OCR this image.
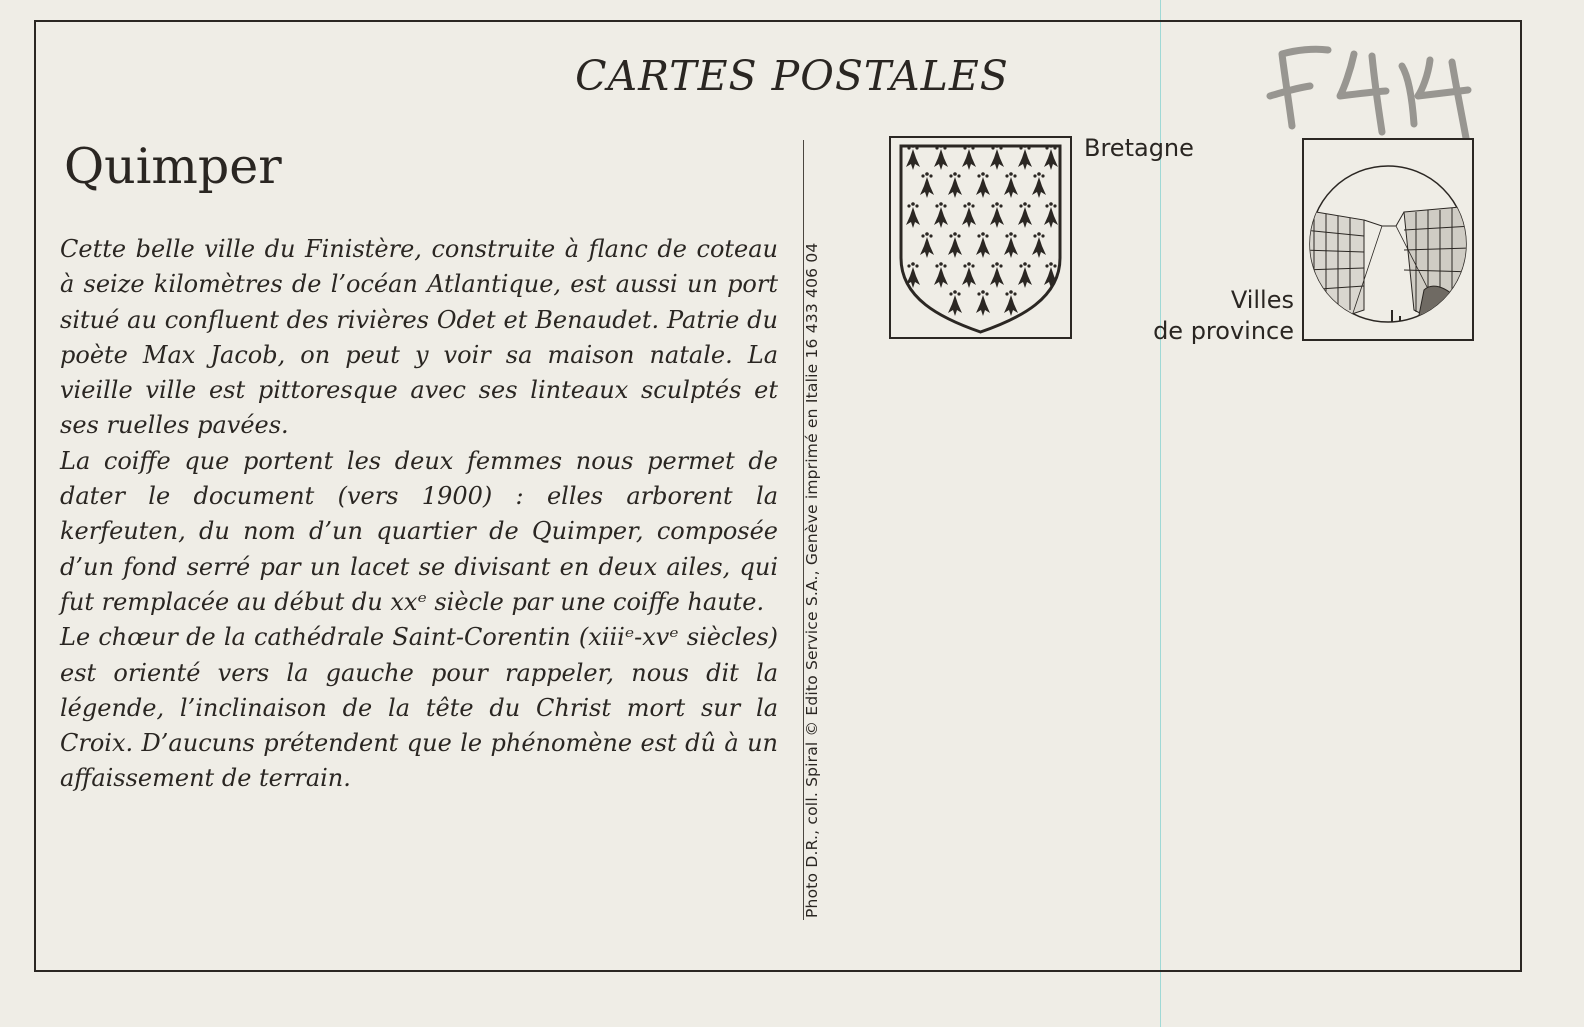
CARTES POSTALES
Quimper

Cette belle ville du Finistère, construite à flanc de coteau à seize kilomètres de l’océan Atlantique, est aussi un port situé au confluent des rivières Odet et Benaudet. Patrie du poète Max Jacob, on peut y voir sa maison natale. La vieille ville est pittoresque avec ses linteaux sculptés et ses ruelles pavées.

La coiffe que portent les deux femmes nous permet de dater le document (vers 1900) : elles arborent la kerfeuten, du nom d’un quartier de Quimper, composée d’un fond serré par un lacet se divisant en deux ailes, qui fut remplacée au début du xxᵉ siècle par une coiffe haute.

Le chœur de la cathédrale Saint-Corentin (xiiiᵉ-xvᵉ siècles) est orienté vers la gauche pour rappeler, nous dit la légende, l’inclinaison de la tête du Christ mort sur la Croix. D’aucuns prétendent que le phénomène est dû à un affaissement de terrain.	Photo D.R., coll. Spiral © Edito Service S.A., Genève imprimé en Italie 16 433 406 04
Bretagne
Villes
de province
